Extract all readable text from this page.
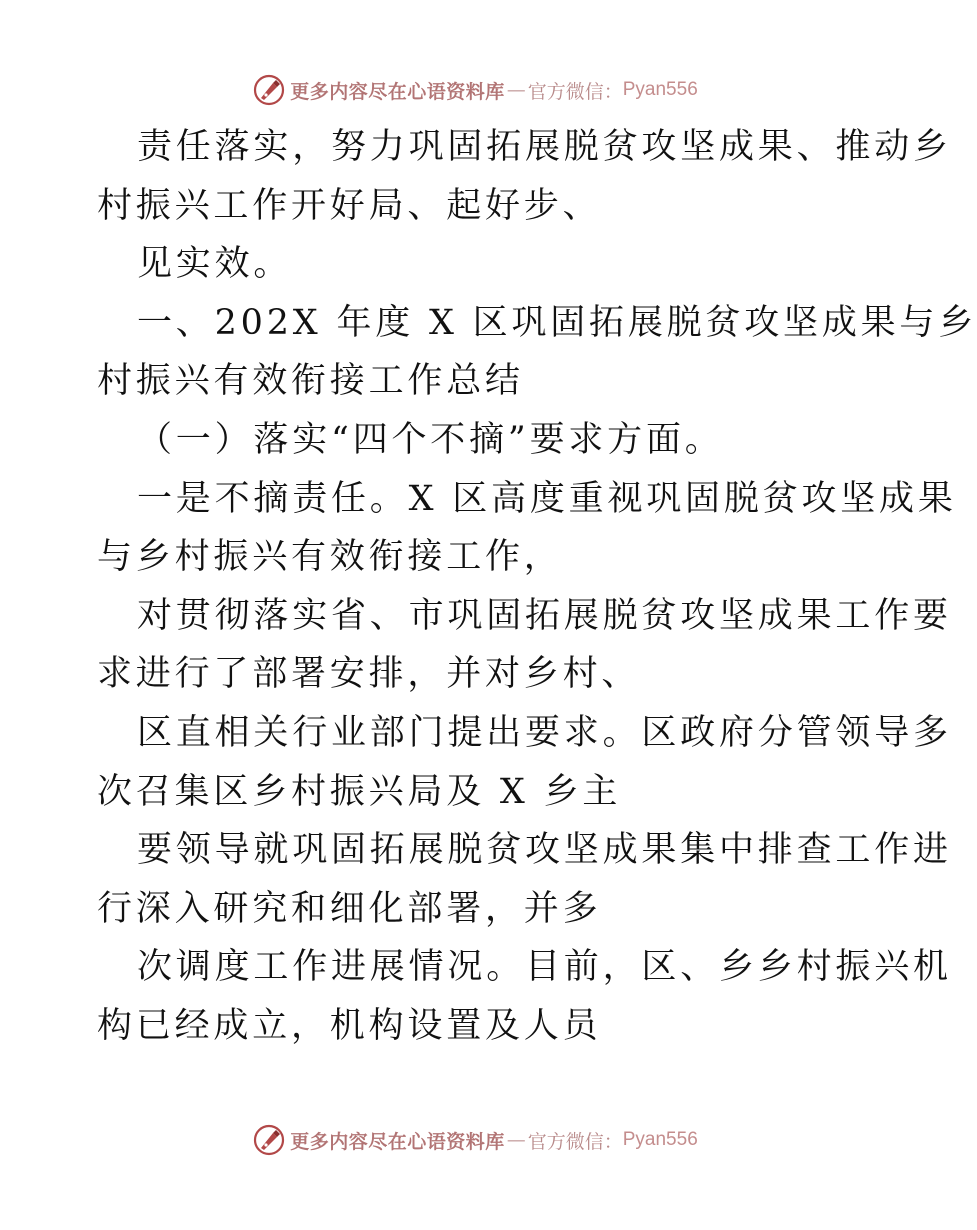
更多内容尽在心语资料库 — 官方微信： Pyan556
责任落实，努力巩固拓展脱贫攻坚成果、推动乡
村振兴工作开好局、起好步、
见实效。
一、202X 年度 X 区巩固拓展脱贫攻坚成果与乡
村振兴有效衔接工作总结
（一）落实“四个不摘”要求方面。
一是不摘责任。X 区高度重视巩固脱贫攻坚成果
与乡村振兴有效衔接工作，
对贯彻落实省、市巩固拓展脱贫攻坚成果工作要
求进行了部署安排，并对乡村、
区直相关行业部门提出要求。区政府分管领导多
次召集区乡村振兴局及 X 乡主
要领导就巩固拓展脱贫攻坚成果集中排查工作进
行深入研究和细化部署，并多
次调度工作进展情况。目前，区、乡乡村振兴机
构已经成立，机构设置及人员
更多内容尽在心语资料库 — 官方微信： Pyan556
